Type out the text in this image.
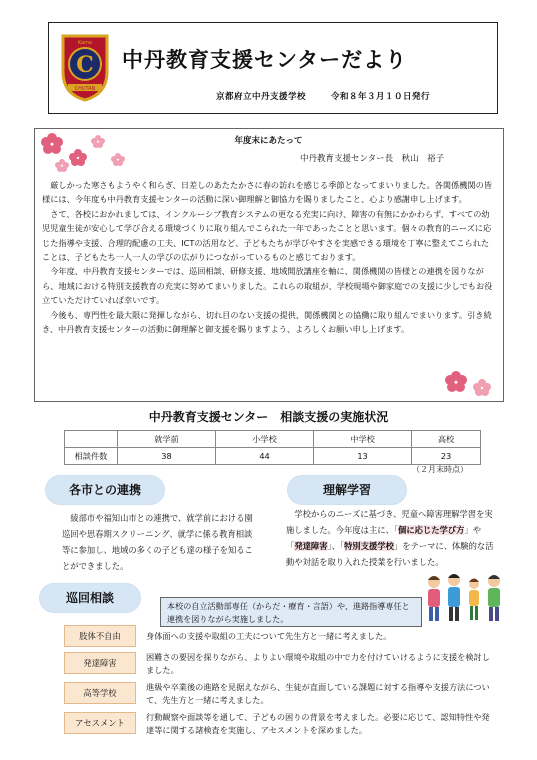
C
CHUTAN
Kamo
中丹教育支援センターだより
京都府立中丹支援学校	令和８年３月１０日発行
年度末にあたって
中丹教育支援センター長　秋山　裕子

厳しかった寒さもようやく和らぎ、日差しのあたたかさに春の訪れを感じる季節となってまいりました。各関係機関の皆様には、今年度も中丹教育支援センターの活動に深い御理解と御協力を賜りましたこと、心より感謝申し上げます。

さて、各校におかれましては、インクルーシブ教育システムの更なる充実に向け、障害の有無にかかわらず、すべての幼児児童生徒が安心して学び合える環境づくりに取り組んでこられた一年であったことと思います。個々の教育的ニーズに応じた指導や支援、合理的配慮の工夫、ICTの活用など、子どもたちが学びやすさを実感できる環境を丁寧に整えてこられたことは、子どもたち一人一人の学びの広がりにつながっているものと感じております。

今年度、中丹教育支援センターでは、巡回相談、研修支援、地域開放講座を軸に、関係機関の皆様との連携を図りながら、地域における特別支援教育の充実に努めてまいりました。これらの取組が、学校現場や御家庭での支援に少しでもお役立ていただけていれば幸いです。

今後も、専門性を最大限に発揮しながら、切れ目のない支援の提供、関係機関との協働に取り組んでまいります。引き続き、中丹教育支援センターの活動に御理解と御支援を賜りますよう、よろしくお願い申し上げます。

中丹教育支援センター　相談支援の実施状況
	就学前	小学校	中学校	高校
相談件数	38	44	13	23
（２月末時点）
各市との連携
綾部市や福知山市との連携で、就学前における園巡回や思春期スクリーニング、就学に係る教育相談等に参加し、地域の多くの子ども達の様子を知ることができました。
理解学習
学校からのニーズに基づき、児童へ障害理解学習を実施しました。今年度は主に、「個に応じた学び方」や「発達障害」、「特別支援学校」をテーマに、体験的な活動や対話を取り入れた授業を行いました。
巡回相談
本校の自立活動部専任（からだ・療育・言語）や、進路指導専任と連携を図りながら実施しました。
肢体不自由	身体面への支援や取組の工夫について先生方と一緒に考えました。
発達障害
困難さの要因を探りながら、よりよい環境や取組の中で力を付けていけるように支援を検討しました。
高等学校
進級や卒業後の進路を見据えながら、生徒が直面している課題に対する指導や支援方法について、先生方と一緒に考えました。
アセスメント
行動観察や面談等を通して、子どもの困りの背景を考えました。必要に応じて、認知特性や発達等に関する諸検査を実施し、アセスメントを深めました。
